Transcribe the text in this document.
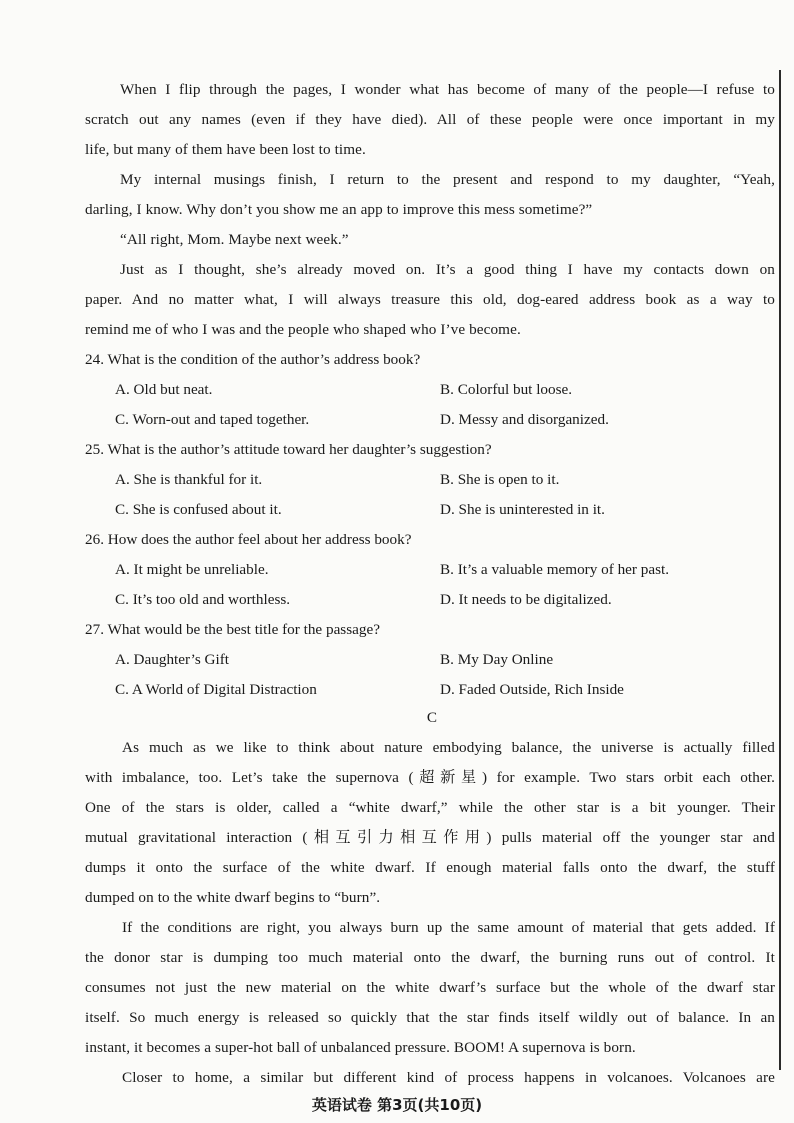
When I flip through the pages, I wonder what has become of many of the people—I refuse to
scratch out any names (even if they have died). All of these people were once important in my
life, but many of them have been lost to time.
My internal musings finish, I return to the present and respond to my daughter, “Yeah,
darling, I know. Why don’t you show me an app to improve this mess sometime?”
“All right, Mom. Maybe next week.”
Just as I thought, she’s already moved on. It’s a good thing I have my contacts down on
paper. And no matter what, I will always treasure this old, dog-eared address book as a way to
remind me of who I was and the people who shaped who I’ve become.
24. What is the condition of the author’s address book?
A. Old but neat.	B. Colorful but loose.
C. Worn-out and taped together.	D. Messy and disorganized.
25. What is the author’s attitude toward her daughter’s suggestion?
A. She is thankful for it.	B. She is open to it.
C. She is confused about it.	D. She is uninterested in it.
26. How does the author feel about her address book?
A. It might be unreliable.	B. It’s a valuable memory of her past.
C. It’s too old and worthless.	D. It needs to be digitalized.
27. What would be the best title for the passage?
A. Daughter’s Gift	B. My Day Online
C. A World of Digital Distraction	D. Faded Outside, Rich Inside
C
As much as we like to think about nature embodying balance, the universe is actually filled
with imbalance, too. Let’s take the supernova (超新星) for example. Two stars orbit each other.
One of the stars is older, called a “white dwarf,” while the other star is a bit younger. Their
mutual gravitational interaction (相互引力相互作用) pulls material off the younger star and
dumps it onto the surface of the white dwarf. If enough material falls onto the dwarf, the stuff
dumped on to the white dwarf begins to “burn”.
If the conditions are right, you always burn up the same amount of material that gets added. If
the donor star is dumping too much material onto the dwarf, the burning runs out of control. It
consumes not just the new material on the white dwarf’s surface but the whole of the dwarf star
itself. So much energy is released so quickly that the star finds itself wildly out of balance. In an
instant, it becomes a super-hot ball of unbalanced pressure. BOOM! A supernova is born.
Closer to home, a similar but different kind of process happens in volcanoes. Volcanoes are
英语试卷 第3页(共10页)
